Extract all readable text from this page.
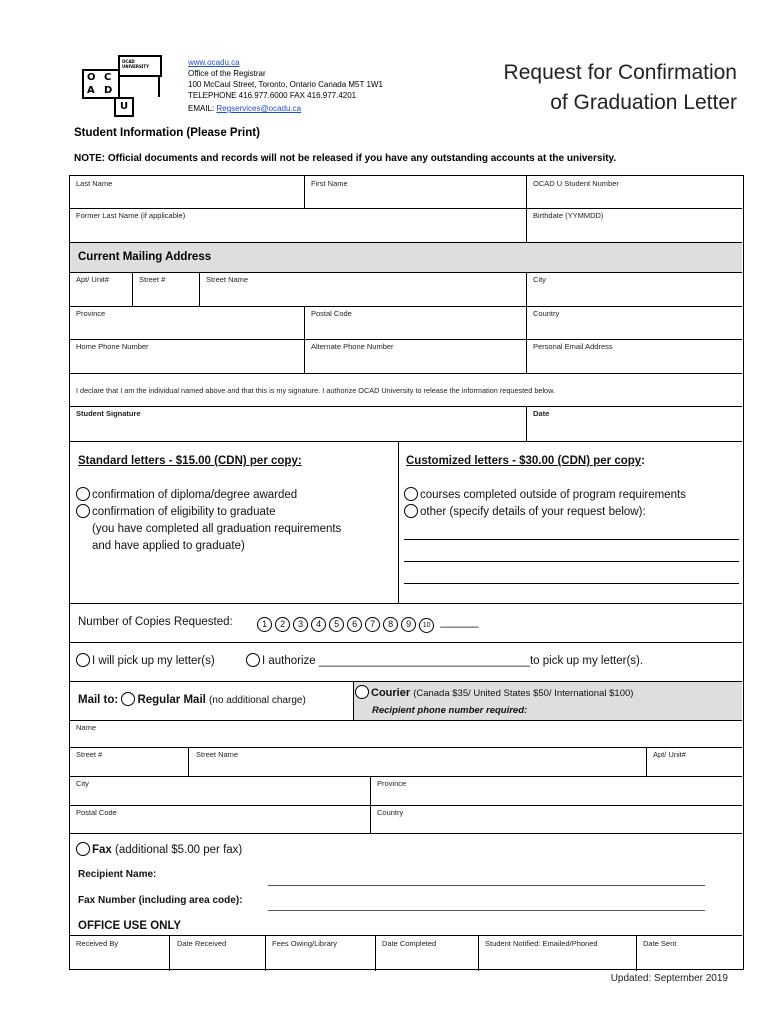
OCAD
UNIVERSITY
O C
A D
U
www.ocadu.ca
Office of the Registrar
100 McCaul Street, Toronto, Ontario Canada M5T 1W1
TELEPHONE 416.977.6000 FAX 416.977.4201
EMAIL: Regservices@ocadu.ca
Request for Confirmation
of Graduation Letter
Student Information (Please Print)
NOTE: Official documents and records will not be released if you have any outstanding accounts at the university.
Last Name	First Name	OCAD U Student Number
Former Last Name (if applicable)	Birthdate (YYMMDD)
Current Mailing Address
Apt/ Unit#	Street #	Street Name	City
Province	Postal Code	Country
Home Phone Number	Alternate Phone Number	Personal Email Address
I declare that I am the individual named above and that this is my signature. I authorize OCAD University to release the information requested below.
Student Signature	Date
Standard letters - $15.00 (CDN) per copy:	Customized letters - $30.00 (CDN) per copy:
confirmation of diploma/degree awarded
confirmation of eligibility to graduate
(you have completed all graduation requirements
and have applied to graduate)
courses completed outside of program requirements
other (specify details of your request below):
Number of Copies Requested:	1 2 3 4 5 6 7 8 9 10 ______
I will pick up my letter(s)	I authorize _________________________________to pick up my letter(s).
Mail to: Regular Mail (no additional charge)
Courier (Canada $35/ United States $50/ International $100)
Recipient phone number required:
Name
Street #	Street Name	Apt/ Unit#
City	Province
Postal Code	Country
Fax (additional $5.00 per fax)
Recipient Name:
Fax Number (including area code):
OFFICE USE ONLY
Received By	Date Received	Fees Owing/Library	Date Completed	Student Notified: Emailed/Phoned	Date Sent
Updated: September 2019
